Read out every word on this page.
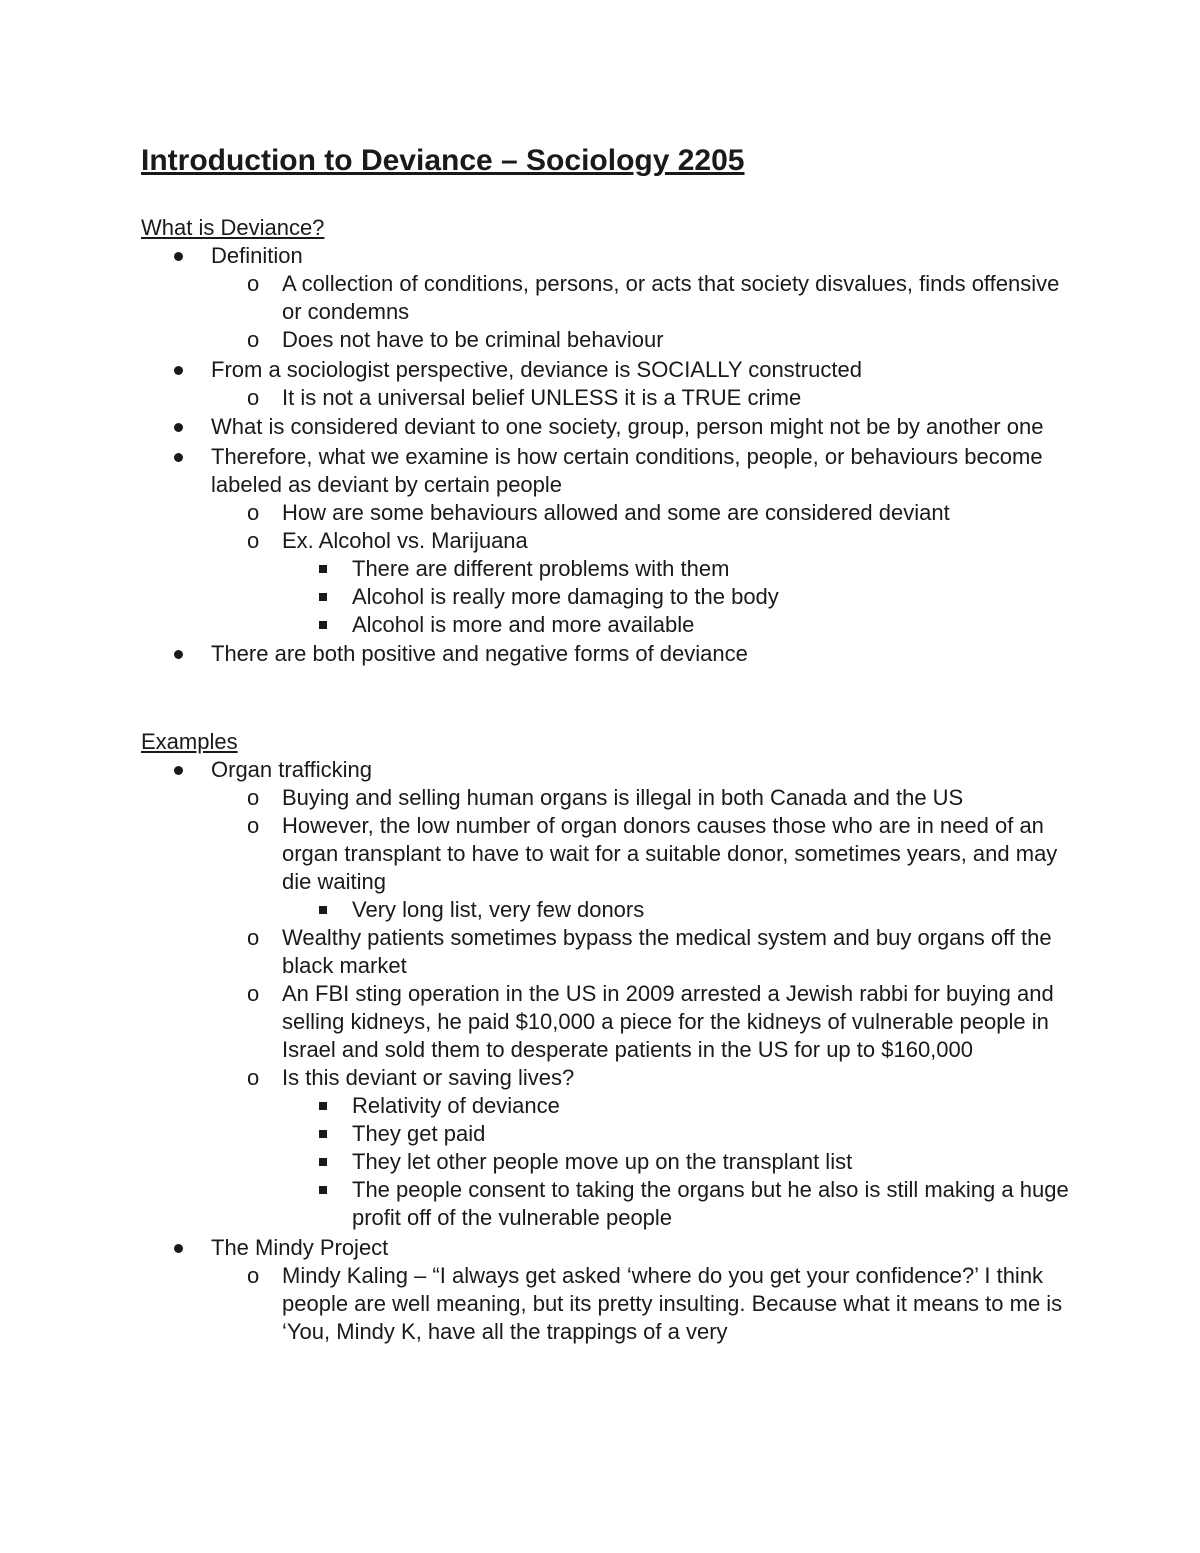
Introduction to Deviance – Sociology 2205

What is Deviance?

Definition
o A collection of conditions, persons, or acts that society disvalues, finds offensive or condemns
o Does not have to be criminal behaviour
From a sociologist perspective, deviance is SOCIALLY constructed
o It is not a universal belief UNLESS it is a TRUE crime
What is considered deviant to one society, group, person might not be by another one
Therefore, what we examine is how certain conditions, people, or behaviours become labeled as deviant by certain people
o How are some behaviours allowed and some are considered deviant
o Ex. Alcohol vs. Marijuana
There are different problems with them
Alcohol is really more damaging to the body
Alcohol is more and more available
There are both positive and negative forms of deviance

Examples

Organ trafficking
o Buying and selling human organs is illegal in both Canada and the US
o However, the low number of organ donors causes those who are in need of an organ transplant to have to wait for a suitable donor, sometimes years, and may die waiting
Very long list, very few donors
o Wealthy patients sometimes bypass the medical system and buy organs off the black market
o An FBI sting operation in the US in 2009 arrested a Jewish rabbi for buying and selling kidneys, he paid $10,000 a piece for the kidneys of vulnerable people in Israel and sold them to desperate patients in the US for up to $160,000
o Is this deviant or saving lives?
Relativity of deviance
They get paid
They let other people move up on the transplant list
The people consent to taking the organs but he also is still making a huge profit off of the vulnerable people
The Mindy Project
o Mindy Kaling – “I always get asked ‘where do you get your confidence?’ I think people are well meaning, but its pretty insulting. Because what it means to me is ‘You, Mindy K, have all the trappings of a very
